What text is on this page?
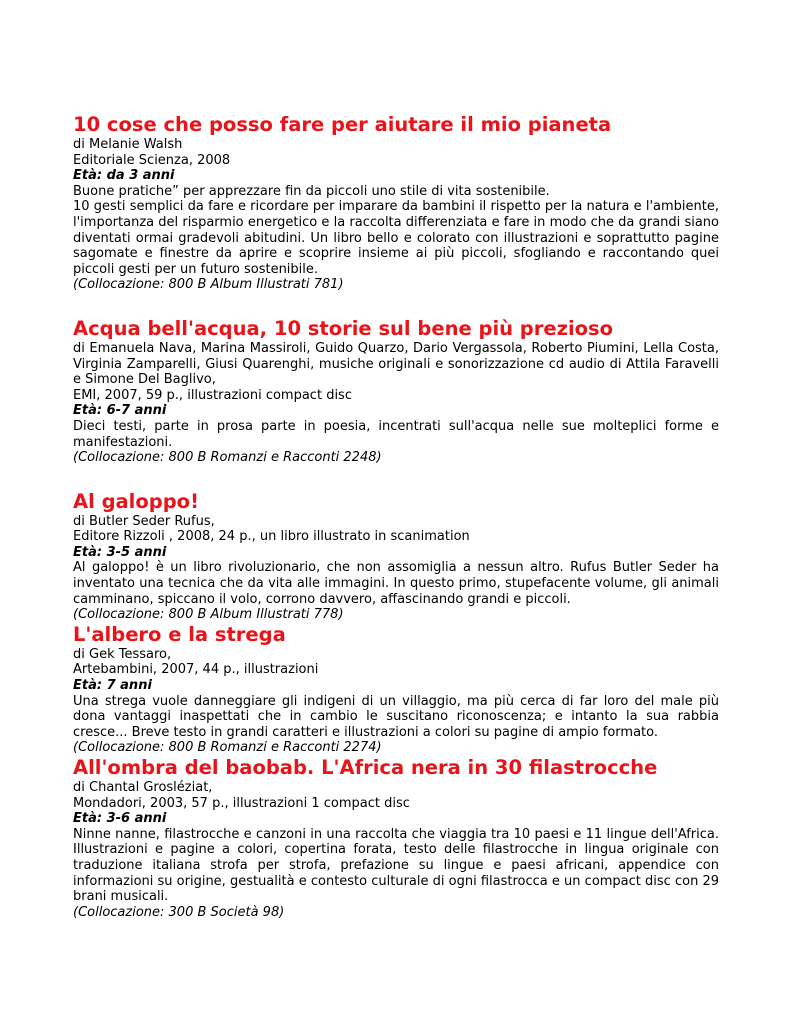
10 cose che posso fare per aiutare il mio pianeta

di Melanie Walsh

Editoriale Scienza, 2008

Età: da 3 anni

Buone pratiche” per apprezzare fin da piccoli uno stile di vita sostenibile.

10 gesti semplici da fare e ricordare per imparare da bambini il rispetto per la natura e l'ambiente, l'importanza del risparmio energetico e la raccolta differenziata e fare in modo che da grandi siano diventati ormai gradevoli abitudini. Un libro bello e colorato con illustrazioni e soprattutto pagine sagomate e finestre da aprire e scoprire insieme ai più piccoli, sfogliando e raccontando quei piccoli gesti per un futuro sostenibile.

(Collocazione: 800 B Album Illustrati 781)

Acqua bell'acqua, 10 storie sul bene più prezioso

di Emanuela Nava, Marina Massiroli, Guido Quarzo, Dario Vergassola, Roberto Piumini, Lella Costa, Virginia Zamparelli, Giusi Quarenghi, musiche originali e sonorizzazione cd audio di Attila Faravelli e Simone Del Baglivo,

EMI, 2007, 59 p., illustrazioni compact disc

Età: 6-7 anni

Dieci testi, parte in prosa parte in poesia, incentrati sull'acqua nelle sue molteplici forme e manifestazioni.

(Collocazione: 800 B Romanzi e Racconti 2248)

Al galoppo!

di Butler Seder Rufus,

Editore Rizzoli , 2008, 24 p., un libro illustrato in scanimation

Età: 3-5 anni

Al galoppo! è un libro rivoluzionario, che non assomiglia a nessun altro. Rufus Butler Seder ha inventato una tecnica che da vita alle immagini. In questo primo, stupefacente volume, gli animali camminano, spiccano il volo, corrono davvero, affascinando grandi e piccoli.

(Collocazione: 800 B Album Illustrati 778)

L'albero e la strega

di Gek Tessaro,

Artebambini, 2007, 44 p., illustrazioni

Età: 7 anni

Una strega vuole danneggiare gli indigeni di un villaggio, ma più cerca di far loro del male più dona vantaggi inaspettati che in cambio le suscitano riconoscenza; e intanto la sua rabbia cresce... Breve testo in grandi caratteri e illustrazioni a colori su pagine di ampio formato.

(Collocazione: 800 B Romanzi e Racconti 2274)

All'ombra del baobab. L'Africa nera in 30 filastrocche

di Chantal Grosléziat,

Mondadori, 2003, 57 p., illustrazioni 1 compact disc

Età: 3-6 anni

Ninne nanne, filastrocche e canzoni in una raccolta che viaggia tra 10 paesi e 11 lingue dell'Africa. Illustrazioni e pagine a colori, copertina forata, testo delle filastrocche in lingua originale con traduzione italiana strofa per strofa, prefazione su lingue e paesi africani, appendice con informazioni su origine, gestualità e contesto culturale di ogni filastrocca e un compact disc con 29 brani musicali.

(Collocazione: 300 B Società 98)
